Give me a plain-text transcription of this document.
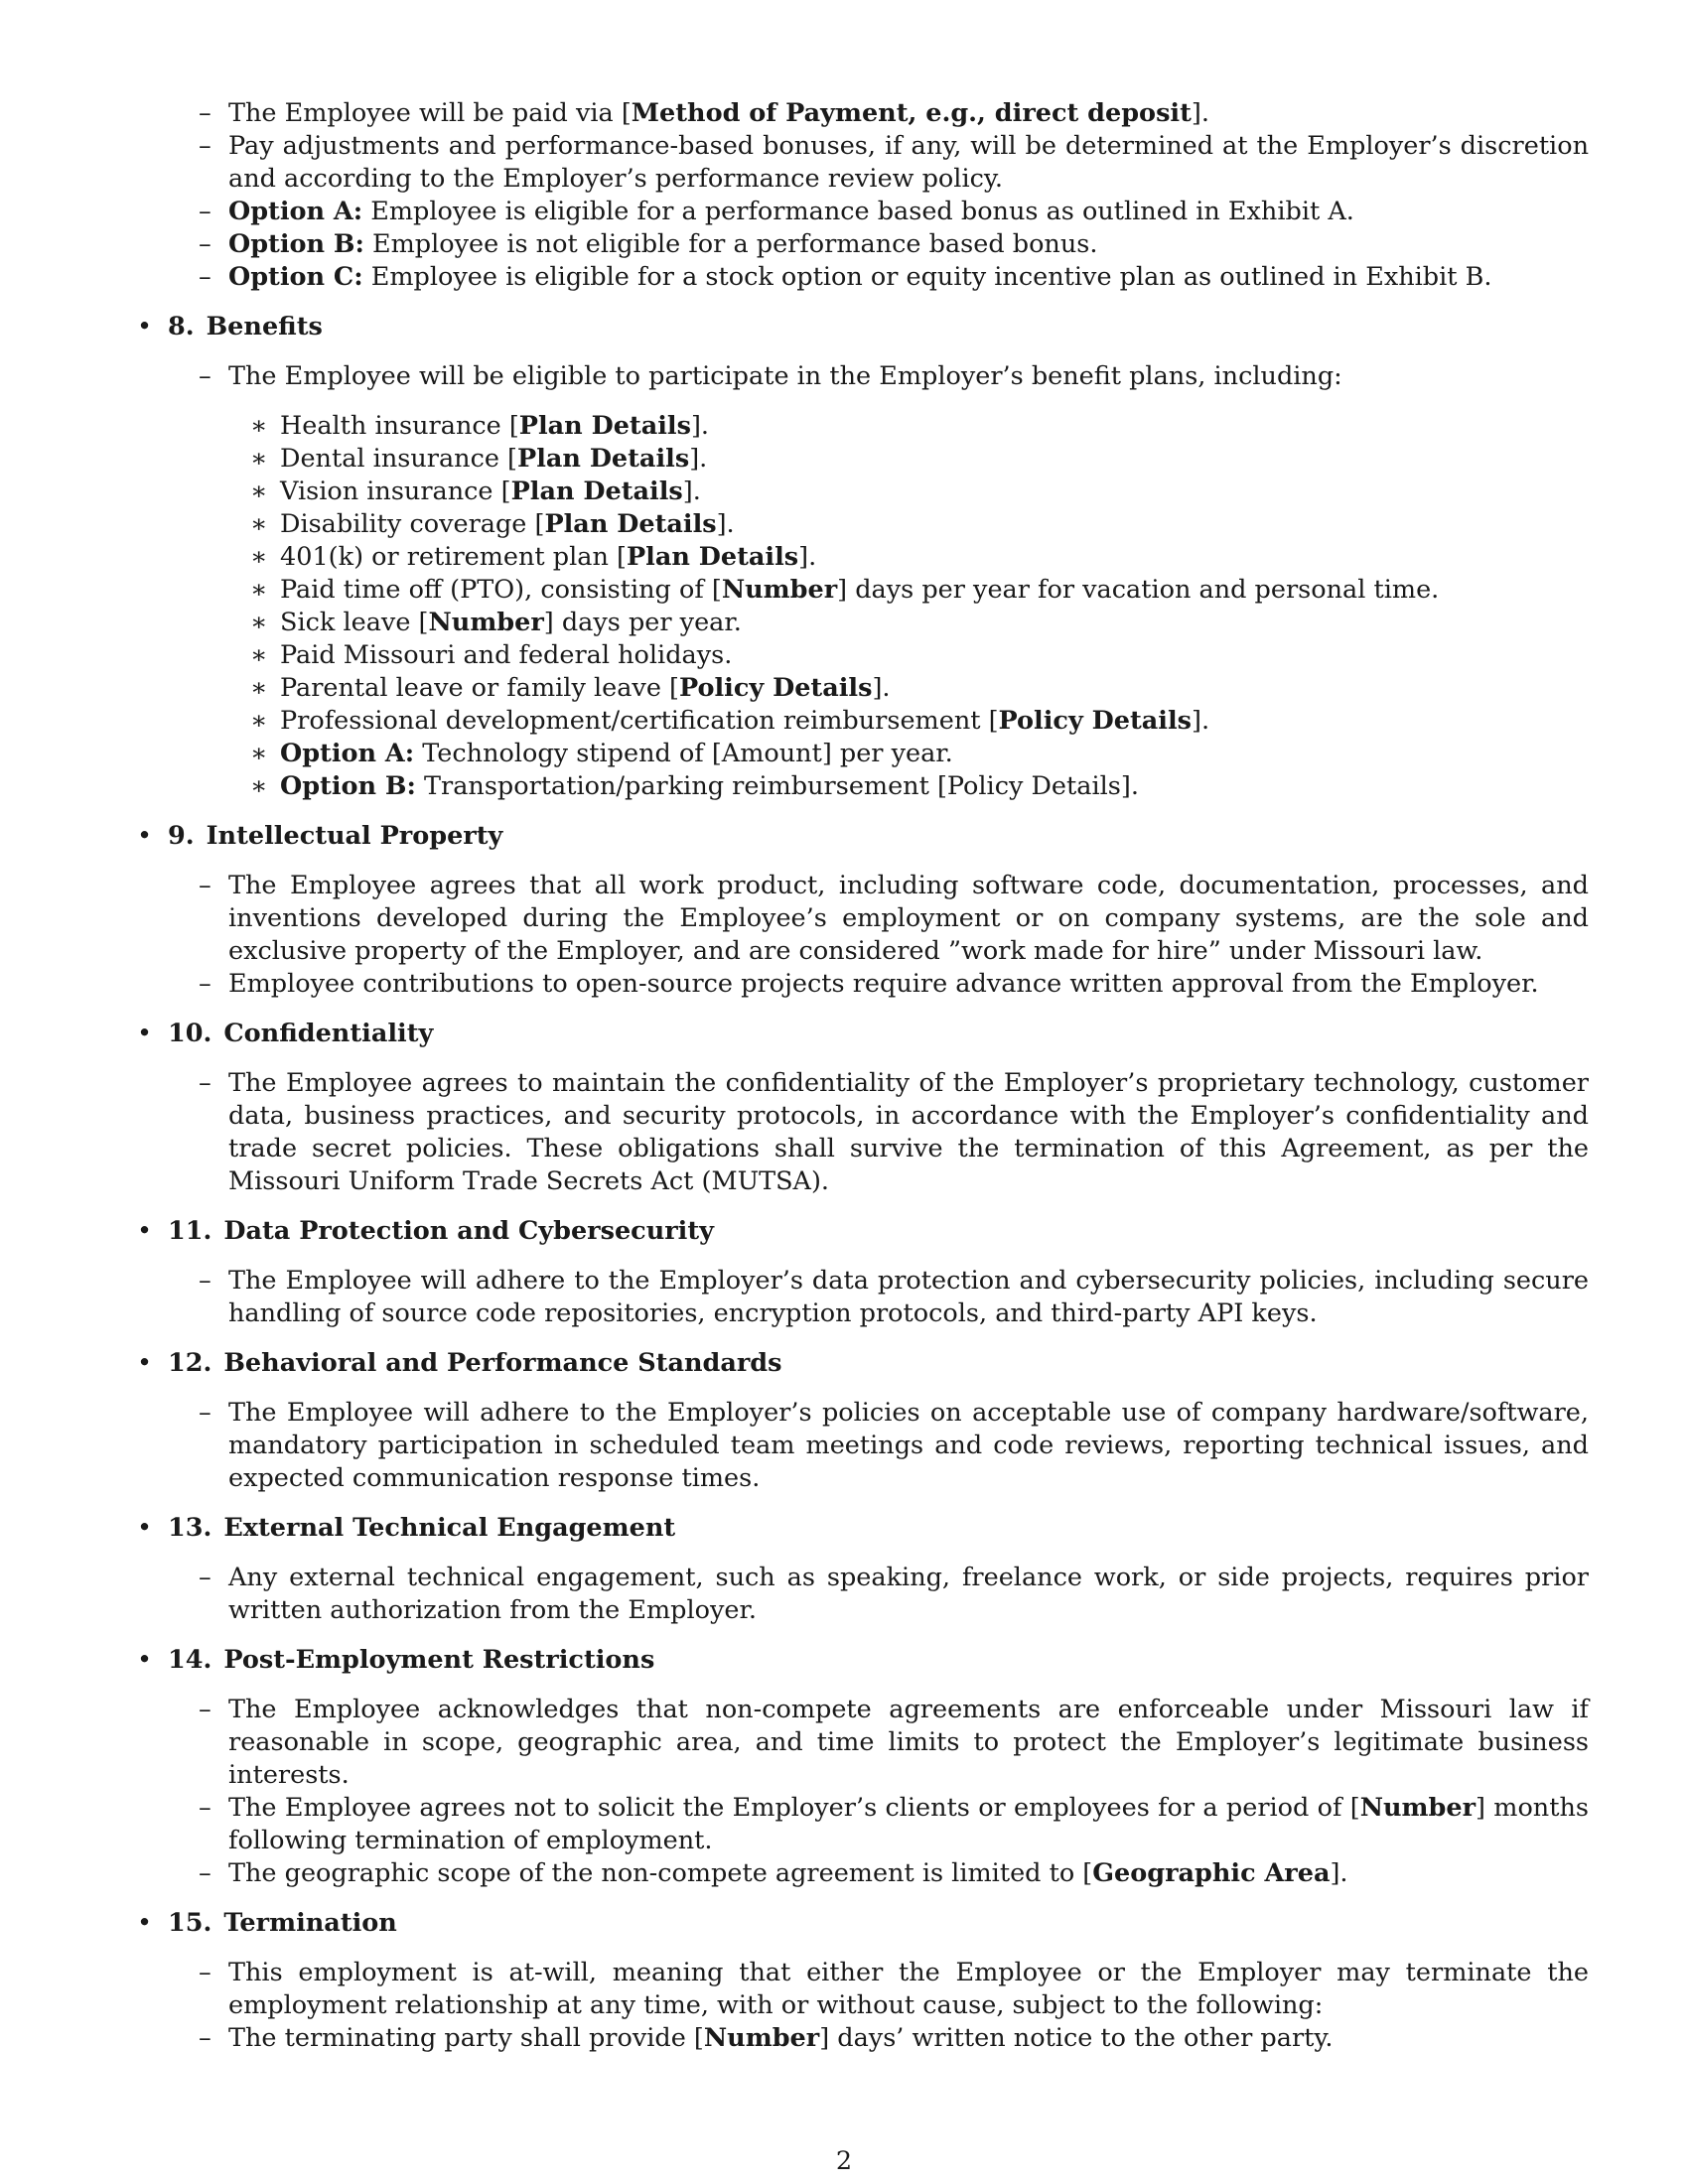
– The Employee will be paid via [Method of Payment, e.g., direct deposit].
– Pay adjustments and performance-based bonuses, if any, will be determined at the Employer’s discretion and according to the Employer’s performance review policy.
– Option A: Employee is eligible for a performance based bonus as outlined in Exhibit A.
– Option B: Employee is not eligible for a performance based bonus.
– Option C: Employee is eligible for a stock option or equity incentive plan as outlined in Exhibit B.
• 8. Benefits
– The Employee will be eligible to participate in the Employer’s benefit plans, including:
∗ Health insurance [Plan Details].
∗ Dental insurance [Plan Details].
∗ Vision insurance [Plan Details].
∗ Disability coverage [Plan Details].
∗ 401(k) or retirement plan [Plan Details].
∗ Paid time off (PTO), consisting of [Number] days per year for vacation and personal time.
∗ Sick leave [Number] days per year.
∗ Paid Missouri and federal holidays.
∗ Parental leave or family leave [Policy Details].
∗ Professional development/certification reimbursement [Policy Details].
∗ Option A: Technology stipend of [Amount] per year.
∗ Option B: Transportation/parking reimbursement [Policy Details].
• 9. Intellectual Property
– The Employee agrees that all work product, including software code, documentation, processes, and inventions developed during the Employee’s employment or on company systems, are the sole and exclusive property of the Employer, and are considered ”work made for hire” under Missouri law.
– Employee contributions to open-source projects require advance written approval from the Employer.
• 10. Confidentiality
– The Employee agrees to maintain the confidentiality of the Employer’s proprietary technology, customer data, business practices, and security protocols, in accordance with the Employer’s confidentiality and trade secret policies. These obligations shall survive the termination of this Agreement, as per the Missouri Uniform Trade Secrets Act (MUTSA).
• 11. Data Protection and Cybersecurity
– The Employee will adhere to the Employer’s data protection and cybersecurity policies, including secure handling of source code repositories, encryption protocols, and third-party API keys.
• 12. Behavioral and Performance Standards
– The Employee will adhere to the Employer’s policies on acceptable use of company hardware/software, mandatory participation in scheduled team meetings and code reviews, reporting technical issues, and expected communication response times.
• 13. External Technical Engagement
– Any external technical engagement, such as speaking, freelance work, or side projects, requires prior written authorization from the Employer.
• 14. Post-Employment Restrictions
– The Employee acknowledges that non-compete agreements are enforceable under Missouri law if reasonable in scope, geographic area, and time limits to protect the Employer’s legitimate business interests.
– The Employee agrees not to solicit the Employer’s clients or employees for a period of [Number] months following termination of employment.
– The geographic scope of the non-compete agreement is limited to [Geographic Area].
• 15. Termination
– This employment is at-will, meaning that either the Employee or the Employer may terminate the employment relationship at any time, with or without cause, subject to the following:
– The terminating party shall provide [Number] days’ written notice to the other party.
2
